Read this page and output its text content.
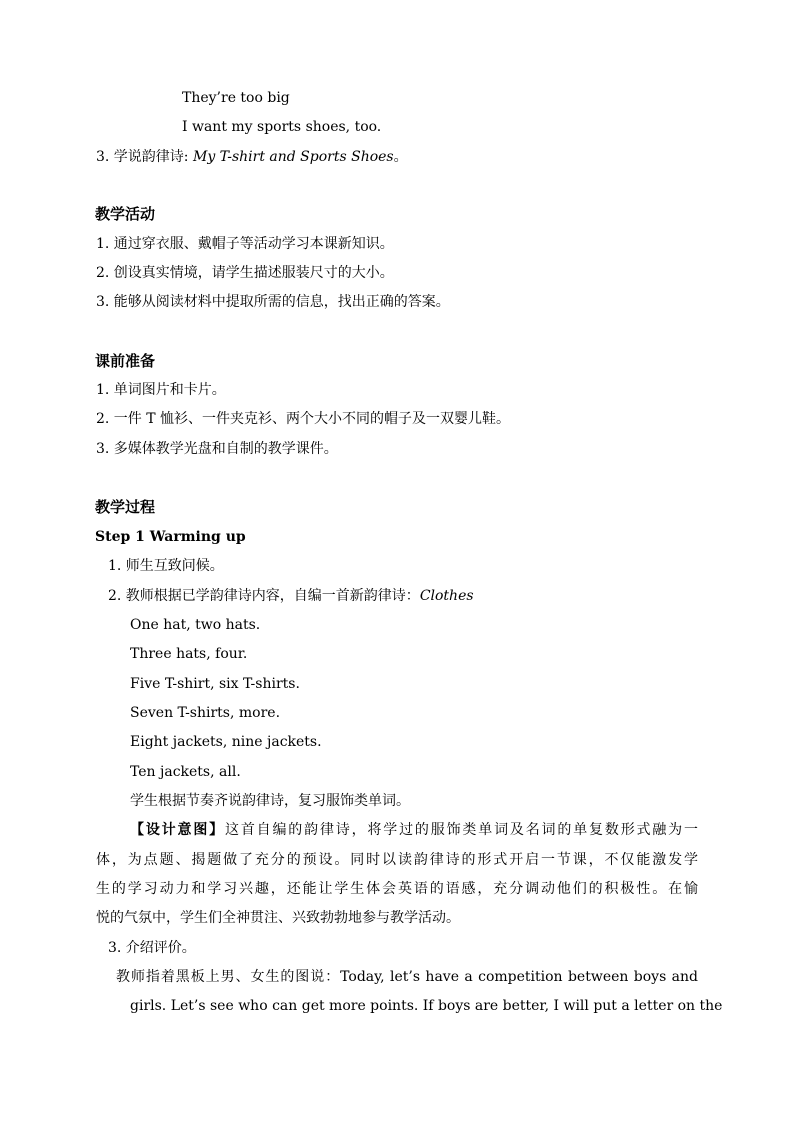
They’re too big
I want my sports shoes, too.
3. 学说韵律诗: My T-shirt and Sports Shoes。
教学活动
1. 通过穿衣服、戴帽子等活动学习本课新知识。
2. 创设真实情境，请学生描述服装尺寸的大小。
3. 能够从阅读材料中提取所需的信息，找出正确的答案。
课前准备
1. 单词图片和卡片。
2. 一件 T 恤衫、一件夹克衫、两个大小不同的帽子及一双婴儿鞋。
3. 多媒体教学光盘和自制的教学课件。
教学过程
Step 1 Warming up
1. 师生互致问候。
2. 教师根据已学韵律诗内容，自编一首新韵律诗：Clothes
One hat, two hats.
Three hats, four.
Five T-shirt, six T-shirts.
Seven T-shirts, more.
Eight jackets, nine jackets.
Ten jackets, all.
学生根据节奏齐说韵律诗，复习服饰类单词。
【设计意图】这首自编的韵律诗，将学过的服饰类单词及名词的单复数形式融为一
体，为点题、揭题做了充分的预设。同时以读韵律诗的形式开启一节课，不仅能激发学
生的学习动力和学习兴趣，还能让学生体会英语的语感，充分调动他们的积极性。在愉
悦的气氛中，学生们全神贯注、兴致勃勃地参与教学活动。
3. 介绍评价。
教师指着黑板上男、女生的图说：Today, let’s have a competition between boys and
girls. Let’s see who can get more points. If boys are better, I will put a letter on the
